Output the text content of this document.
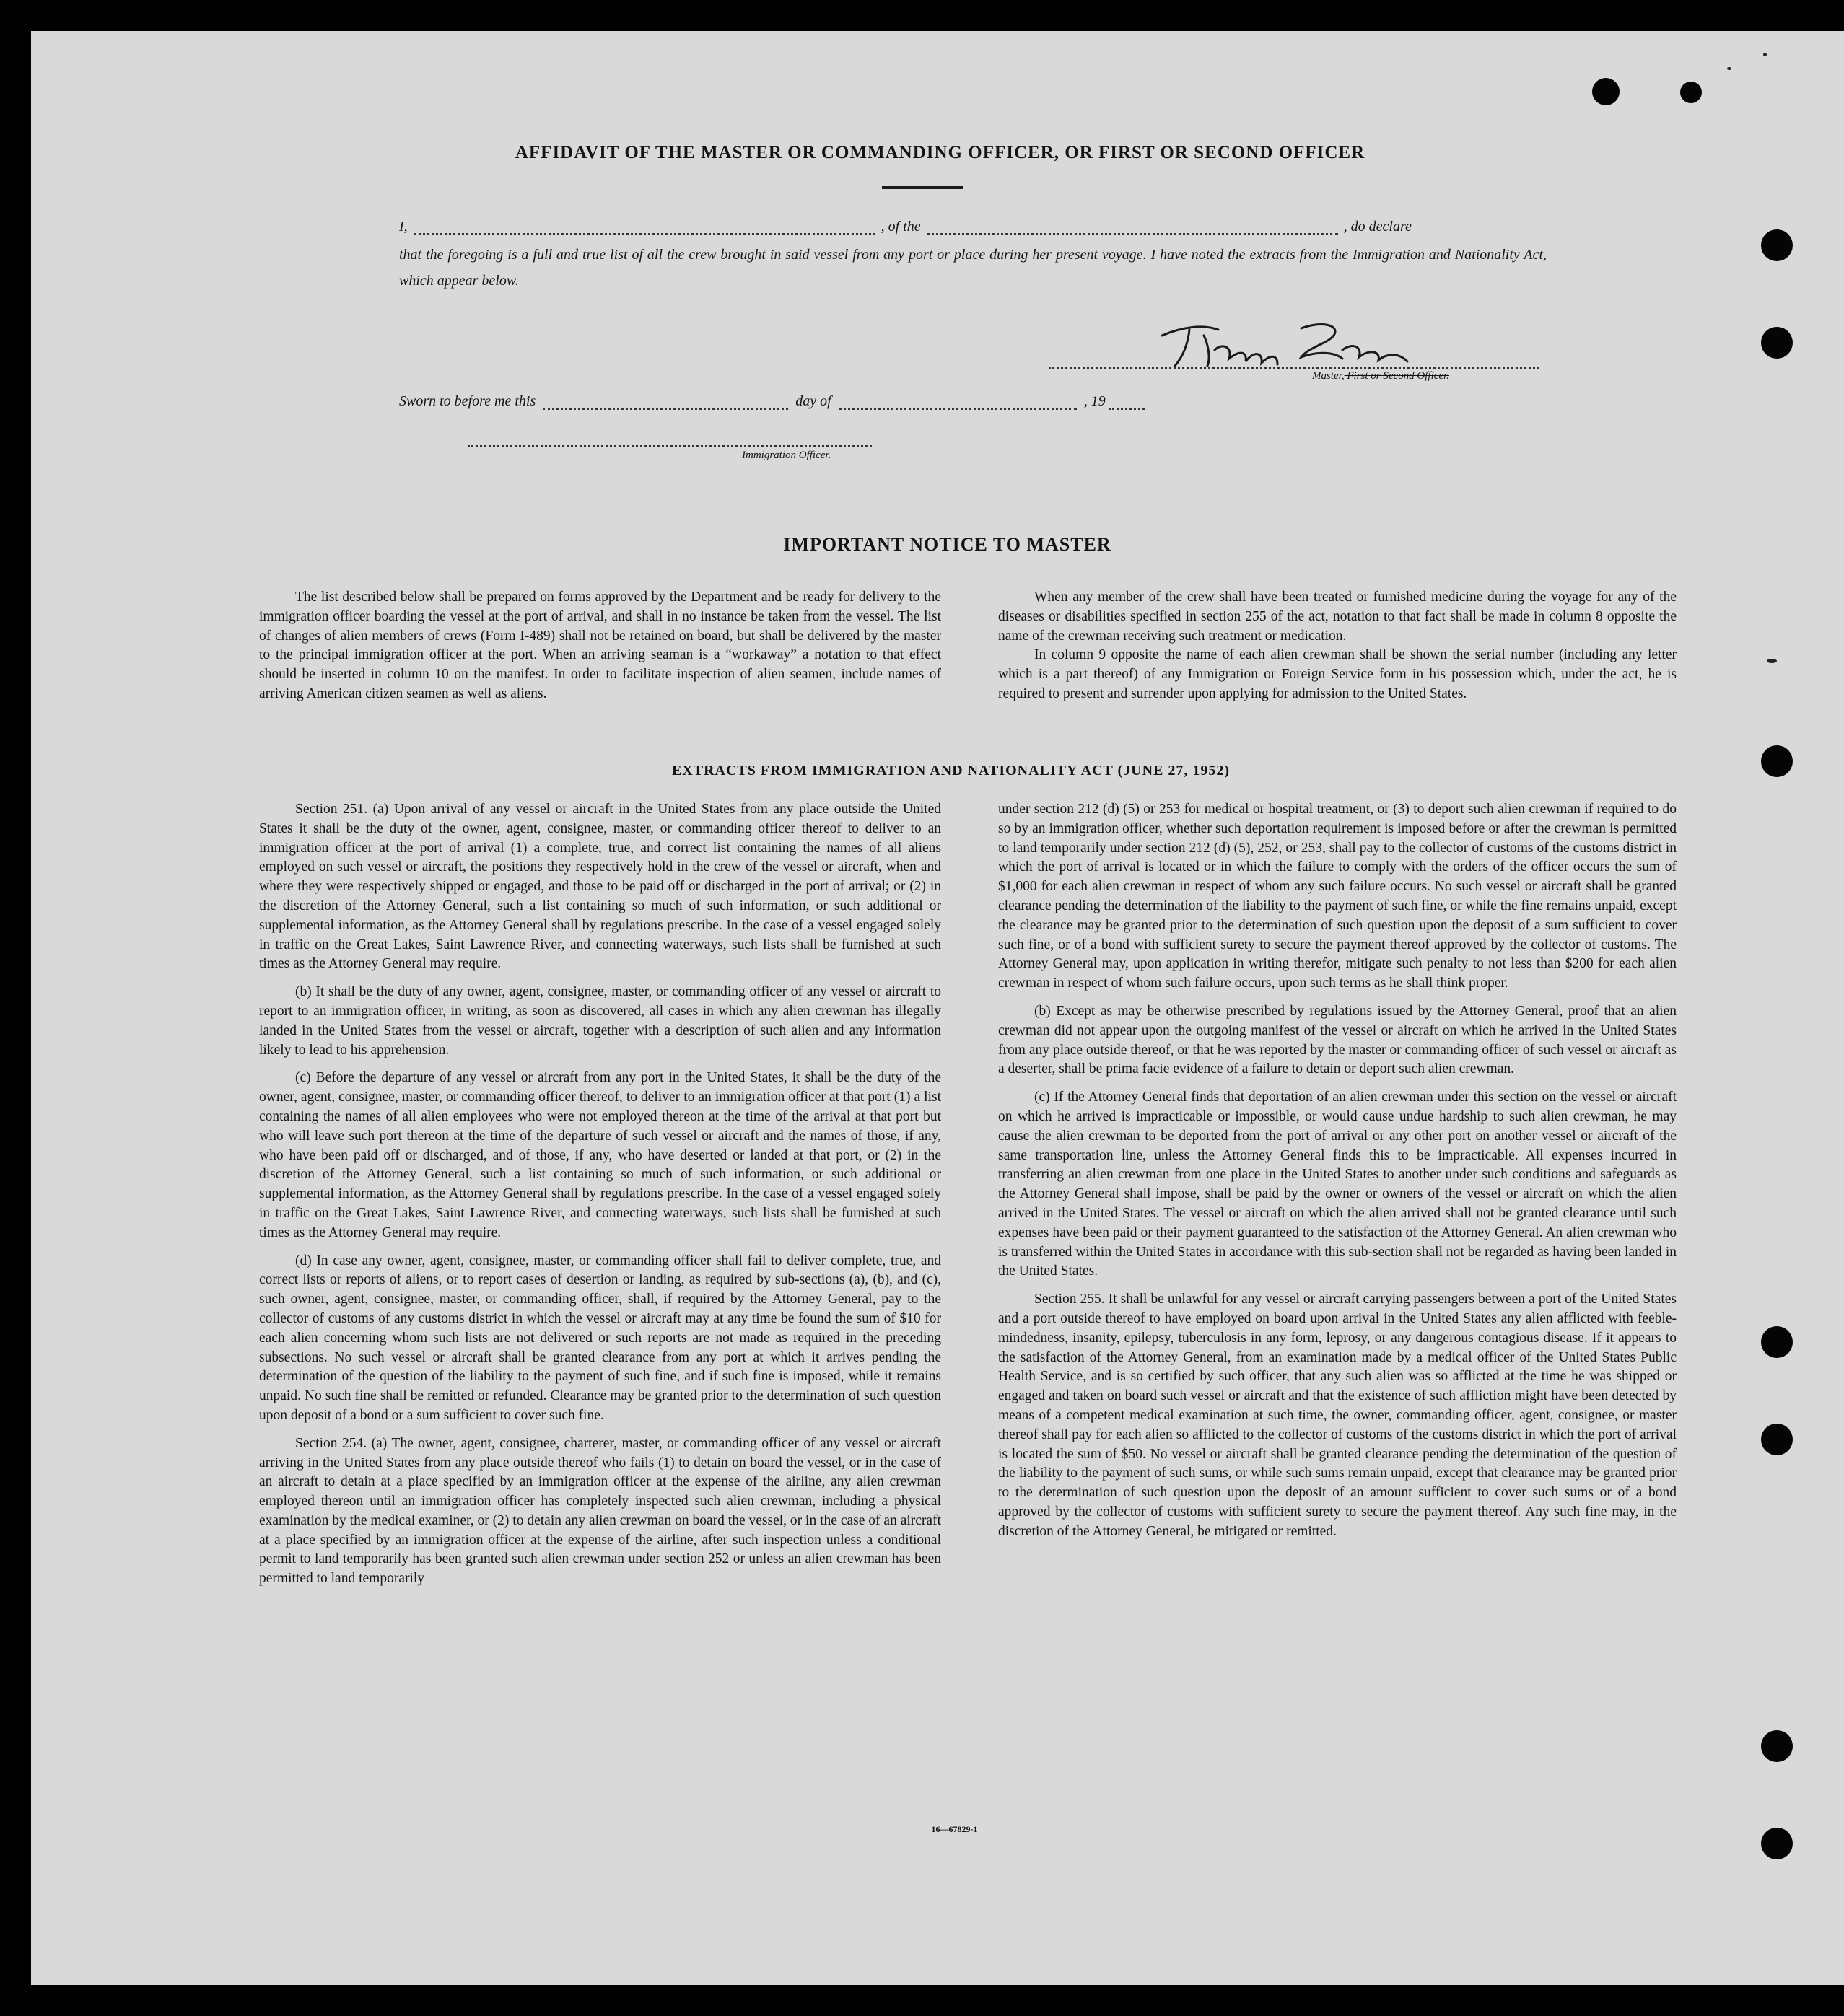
AFFIDAVIT OF THE MASTER OR COMMANDING OFFICER, OR FIRST OR SECOND OFFICER
I,	, of the	, do declare
that the foregoing is a full and true list of all the crew brought in said vessel from any port or place during her present voyage. I have noted the extracts from the Immigration and Nationality Act, which appear below.
Master, First or Second Officer.
Sworn to before me this	day of	, 19
Immigration Officer.
IMPORTANT NOTICE TO MASTER

The list described below shall be prepared on forms approved by the Department and be ready for delivery to the immigration officer boarding the vessel at the port of arrival, and shall in no instance be taken from the vessel. The list of changes of alien members of crews (Form I-489) shall not be retained on board, but shall be delivered by the master to the principal immigration officer at the port. When an arriving seaman is a “workaway” a notation to that effect should be inserted in column 10 on the manifest. In order to facilitate inspection of alien seamen, include names of arriving American citizen seamen as well as aliens.

When any member of the crew shall have been treated or furnished medicine during the voyage for any of the diseases or disabilities specified in section 255 of the act, notation to that fact shall be made in column 8 opposite the name of the crewman receiving such treatment or medication.

In column 9 opposite the name of each alien crewman shall be shown the serial number (including any letter which is a part thereof) of any Immigration or Foreign Service form in his possession which, under the act, he is required to present and surrender upon applying for admission to the United States.

EXTRACTS FROM IMMIGRATION AND NATIONALITY ACT (JUNE 27, 1952)

Section 251. (a) Upon arrival of any vessel or aircraft in the United States from any place outside the United States it shall be the duty of the owner, agent, consignee, master, or commanding officer thereof to deliver to an immigration officer at the port of arrival (1) a complete, true, and correct list containing the names of all aliens employed on such vessel or aircraft, the positions they respectively hold in the crew of the vessel or aircraft, when and where they were respectively shipped or engaged, and those to be paid off or discharged in the port of arrival; or (2) in the discretion of the Attorney General, such a list containing so much of such information, or such additional or supplemental information, as the Attorney General shall by regulations prescribe. In the case of a vessel engaged solely in traffic on the Great Lakes, Saint Lawrence River, and connecting waterways, such lists shall be furnished at such times as the Attorney General may require.

(b) It shall be the duty of any owner, agent, consignee, master, or commanding officer of any vessel or aircraft to report to an immigration officer, in writing, as soon as discovered, all cases in which any alien crewman has illegally landed in the United States from the vessel or aircraft, together with a description of such alien and any information likely to lead to his apprehension.

(c) Before the departure of any vessel or aircraft from any port in the United States, it shall be the duty of the owner, agent, consignee, master, or commanding officer thereof, to deliver to an immigration officer at that port (1) a list containing the names of all alien employees who were not employed thereon at the time of the arrival at that port but who will leave such port thereon at the time of the departure of such vessel or aircraft and the names of those, if any, who have been paid off or discharged, and of those, if any, who have deserted or landed at that port, or (2) in the discretion of the Attorney General, such a list containing so much of such information, or such additional or supplemental information, as the Attorney General shall by regulations prescribe. In the case of a vessel engaged solely in traffic on the Great Lakes, Saint Lawrence River, and connecting waterways, such lists shall be furnished at such times as the Attorney General may require.

(d) In case any owner, agent, consignee, master, or commanding officer shall fail to deliver complete, true, and correct lists or reports of aliens, or to report cases of desertion or landing, as required by sub-sections (a), (b), and (c), such owner, agent, consignee, master, or commanding officer, shall, if required by the Attorney General, pay to the collector of customs of any customs district in which the vessel or aircraft may at any time be found the sum of $10 for each alien concerning whom such lists are not delivered or such reports are not made as required in the preceding subsections. No such vessel or aircraft shall be granted clearance from any port at which it arrives pending the determination of the question of the liability to the payment of such fine, and if such fine is imposed, while it remains unpaid. No such fine shall be remitted or refunded. Clearance may be granted prior to the determination of such question upon deposit of a bond or a sum sufficient to cover such fine.

Section 254. (a) The owner, agent, consignee, charterer, master, or commanding officer of any vessel or aircraft arriving in the United States from any place outside thereof who fails (1) to detain on board the vessel, or in the case of an aircraft to detain at a place specified by an immigration officer at the expense of the airline, any alien crewman employed thereon until an immigration officer has completely inspected such alien crewman, including a physical examination by the medical examiner, or (2) to detain any alien crewman on board the vessel, or in the case of an aircraft at a place specified by an immigration officer at the expense of the airline, after such inspection unless a conditional permit to land temporarily has been granted such alien crewman under section 252 or unless an alien crewman has been permitted to land temporarily

under section 212 (d) (5) or 253 for medical or hospital treatment, or (3) to deport such alien crewman if required to do so by an immigration officer, whether such deportation requirement is imposed before or after the crewman is permitted to land temporarily under section 212 (d) (5), 252, or 253, shall pay to the collector of customs of the customs district in which the port of arrival is located or in which the failure to comply with the orders of the officer occurs the sum of $1,000 for each alien crewman in respect of whom any such failure occurs. No such vessel or aircraft shall be granted clearance pending the determination of the liability to the payment of such fine, or while the fine remains unpaid, except the clearance may be granted prior to the determination of such question upon the deposit of a sum sufficient to cover such fine, or of a bond with sufficient surety to secure the payment thereof approved by the collector of customs. The Attorney General may, upon application in writing therefor, mitigate such penalty to not less than $200 for each alien crewman in respect of whom such failure occurs, upon such terms as he shall think proper.

(b) Except as may be otherwise prescribed by regulations issued by the Attorney General, proof that an alien crewman did not appear upon the outgoing manifest of the vessel or aircraft on which he arrived in the United States from any place outside thereof, or that he was reported by the master or commanding officer of such vessel or aircraft as a deserter, shall be prima facie evidence of a failure to detain or deport such alien crewman.

(c) If the Attorney General finds that deportation of an alien crewman under this section on the vessel or aircraft on which he arrived is impracticable or impossible, or would cause undue hardship to such alien crewman, he may cause the alien crewman to be deported from the port of arrival or any other port on another vessel or aircraft of the same transportation line, unless the Attorney General finds this to be impracticable. All expenses incurred in transferring an alien crewman from one place in the United States to another under such conditions and safeguards as the Attorney General shall impose, shall be paid by the owner or owners of the vessel or aircraft on which the alien arrived in the United States. The vessel or aircraft on which the alien arrived shall not be granted clearance until such expenses have been paid or their payment guaranteed to the satisfaction of the Attorney General. An alien crewman who is transferred within the United States in accordance with this sub-section shall not be regarded as having been landed in the United States.

Section 255. It shall be unlawful for any vessel or aircraft carrying passengers between a port of the United States and a port outside thereof to have employed on board upon arrival in the United States any alien afflicted with feeble-mindedness, insanity, epilepsy, tuberculosis in any form, leprosy, or any dangerous contagious disease. If it appears to the satisfaction of the Attorney General, from an examination made by a medical officer of the United States Public Health Service, and is so certified by such officer, that any such alien was so afflicted at the time he was shipped or engaged and taken on board such vessel or aircraft and that the existence of such affliction might have been detected by means of a competent medical examination at such time, the owner, commanding officer, agent, consignee, or master thereof shall pay for each alien so afflicted to the collector of customs of the customs district in which the port of arrival is located the sum of $50. No vessel or aircraft shall be granted clearance pending the determination of the question of the liability to the payment of such sums, or while such sums remain unpaid, except that clearance may be granted prior to the determination of such question upon the deposit of an amount sufficient to cover such sums or of a bond approved by the collector of customs with sufficient surety to secure the payment thereof. Any such fine may, in the discretion of the Attorney General, be mitigated or remitted.

16—67829-1
